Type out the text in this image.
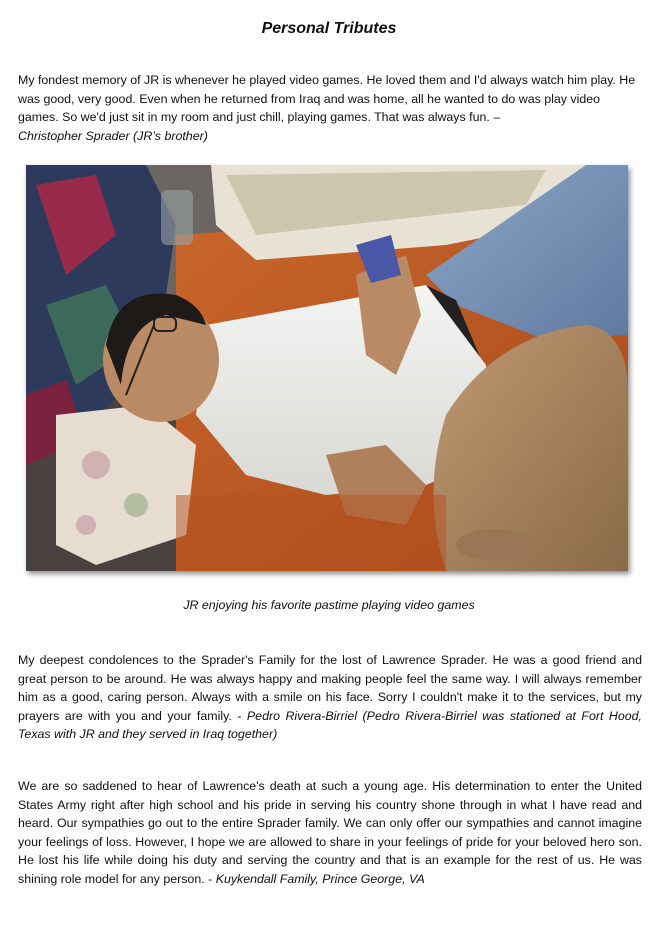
Personal Tributes
My fondest memory of JR is whenever he played video games. He loved them and I'd always watch him play. He was good, very good. Even when he returned from Iraq and was home, all he wanted to do was play video games. So we'd just sit in my room and just chill, playing games. That was always fun. –
Christopher Sprader (JR’s brother)
JR enjoying his favorite pastime playing video games
My deepest condolences to the Sprader's Family for the lost of Lawrence Sprader. He was a good friend and great person to be around. He was always happy and making people feel the same way. I will always remember him as a good, caring person. Always with a smile on his face. Sorry I couldn't make it to the services, but my prayers are with you and your family. - Pedro Rivera-Birriel (Pedro Rivera-Birriel was stationed at Fort Hood, Texas with JR and they served in Iraq together)
We are so saddened to hear of Lawrence's death at such a young age. His determination to enter the United States Army right after high school and his pride in serving his country shone through in what I have read and heard. Our sympathies go out to the entire Sprader family. We can only offer our sympathies and cannot imagine your feelings of loss. However, I hope we are allowed to share in your feelings of pride for your beloved hero son. He lost his life while doing his duty and serving the country and that is an example for the rest of us. He was shining role model for any person. - Kuykendall Family, Prince George, VA
